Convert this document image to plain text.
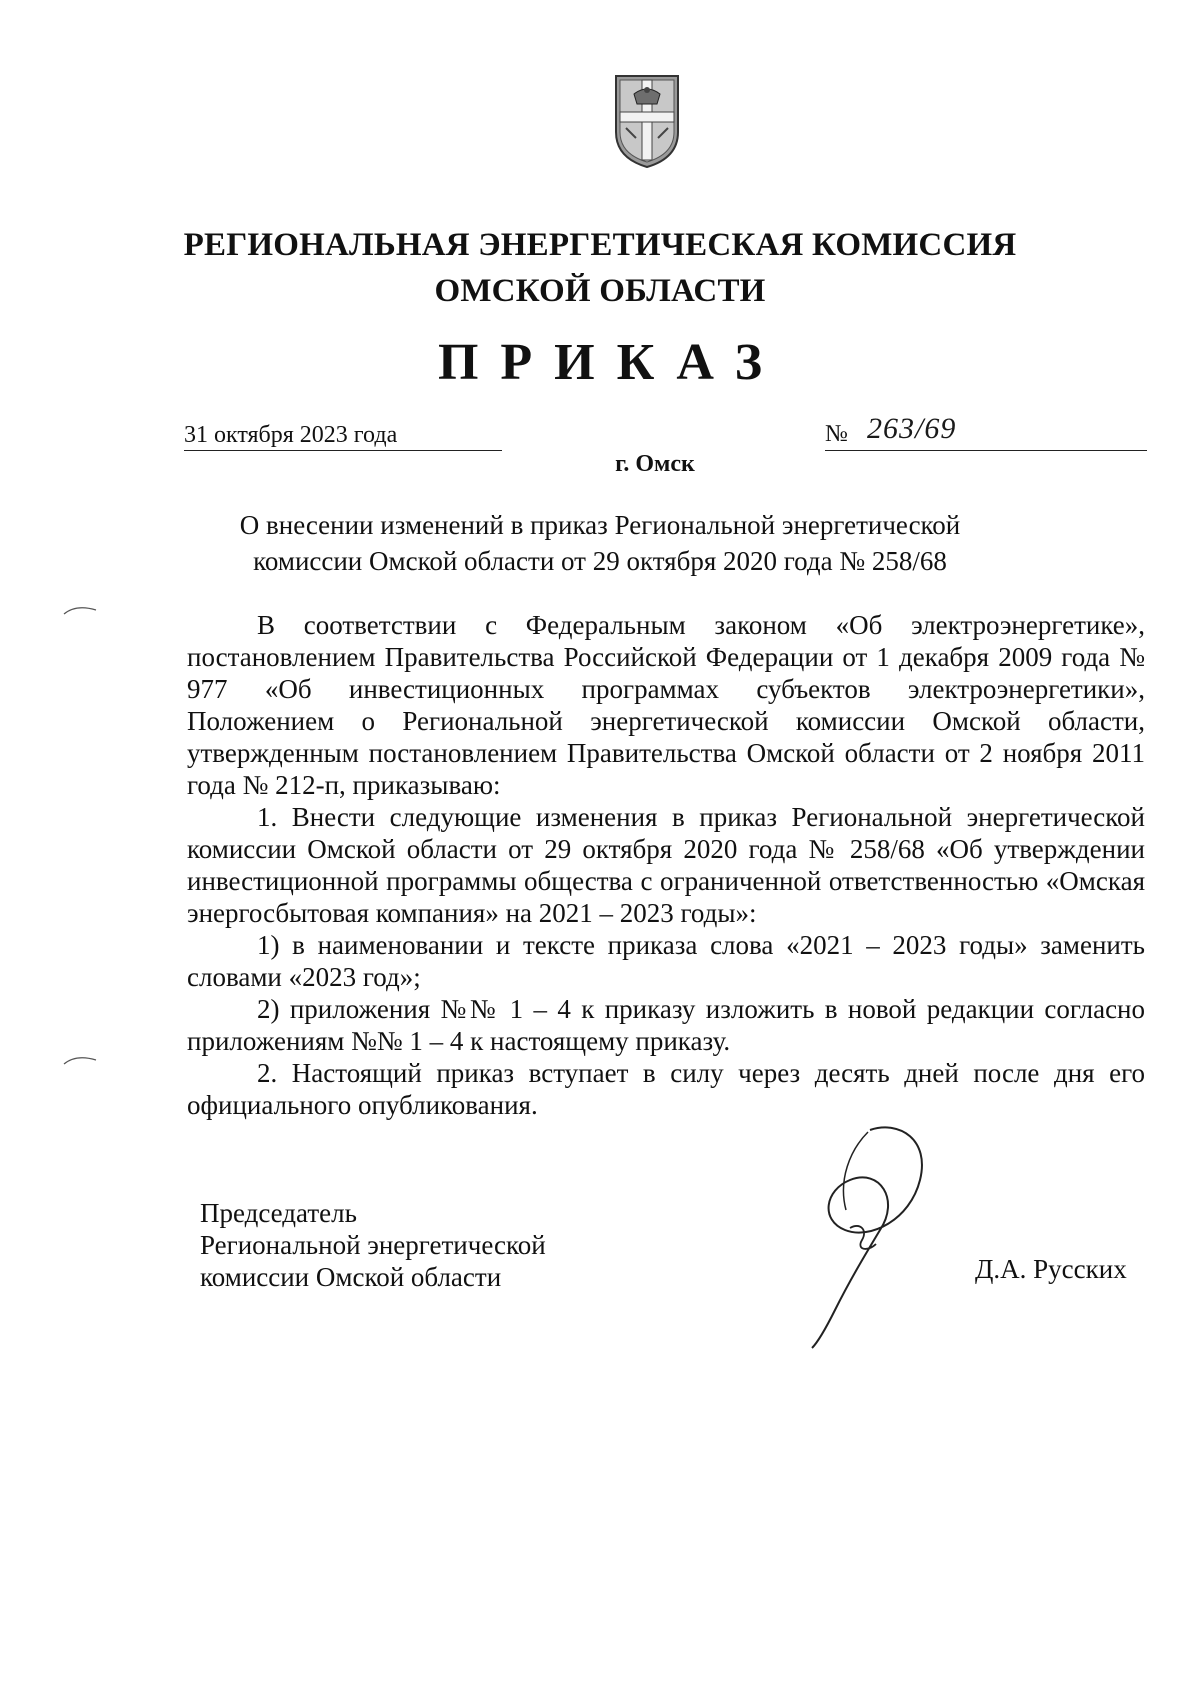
РЕГИОНАЛЬНАЯ ЭНЕРГЕТИЧЕСКАЯ КОМИССИЯ
ОМСКОЙ ОБЛАСТИ
ПРИКАЗ
31 октября 2023 года	№ 263/69
г. Омск
О внесении изменений в приказ Региональной энергетической
комиссии Омской области от 29 октября 2020 года № 258/68

В соответствии с Федеральным законом «Об электроэнергетике», постановлением Правительства Российской Федерации от 1 декабря 2009 года № 977 «Об инвестиционных программах субъектов электроэнергетики», Положением о Региональной энергетической комиссии Омской области, утвержденным постановлением Правительства Омской области от 2 ноября 2011 года № 212-п, приказываю:

1. Внести следующие изменения в приказ Региональной энергетической комиссии Омской области от 29 октября 2020 года № 258/68 «Об утверждении инвестиционной программы общества с ограниченной ответственностью «Омская энергосбытовая компания» на 2021 – 2023 годы»:

1) в наименовании и тексте приказа слова «2021 – 2023 годы» заменить словами «2023 год»;

2) приложения №№ 1 – 4 к приказу изложить в новой редакции согласно приложениям №№ 1 – 4 к настоящему приказу.

2. Настоящий приказ вступает в силу через десять дней после дня его официального опубликования.

Председатель
Региональной энергетической
комиссии Омской области	Д.А. Русских
